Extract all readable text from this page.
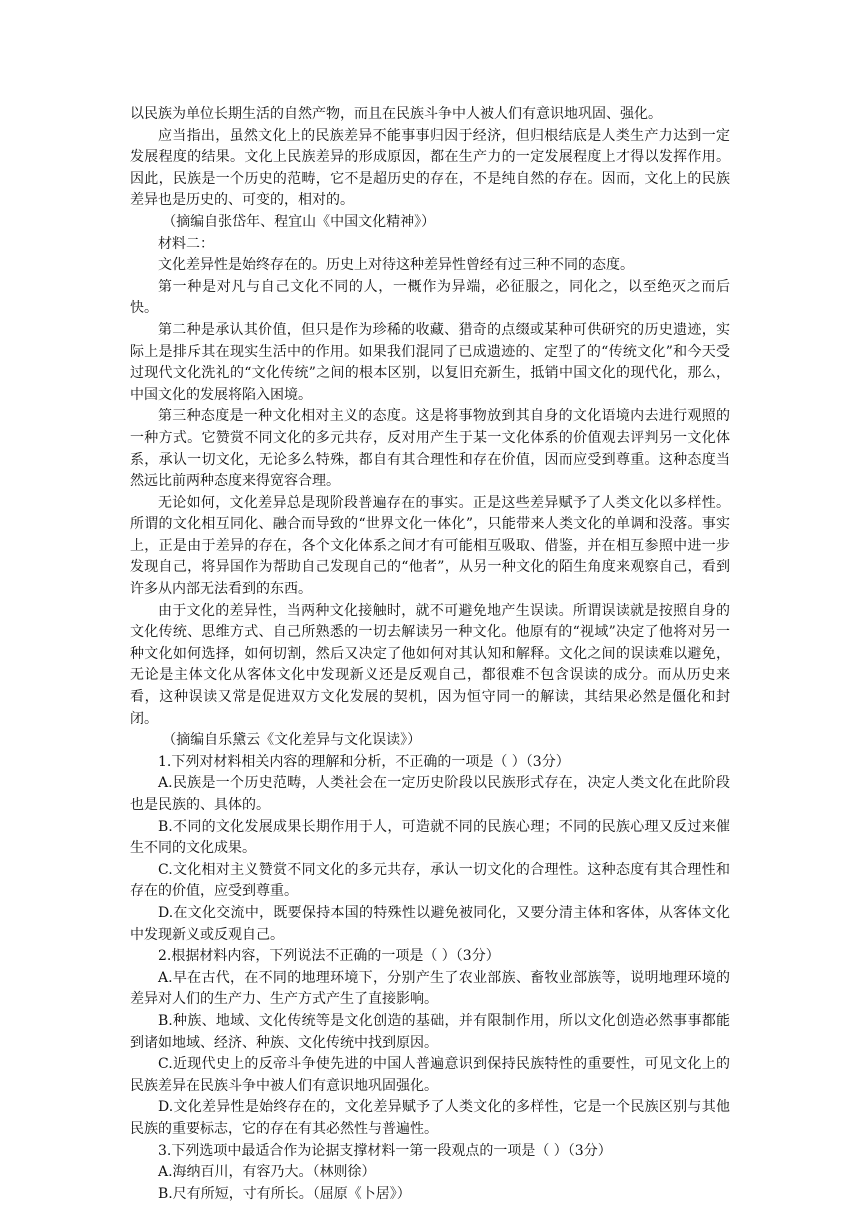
以民族为单位长期生活的自然产物，而且在民族斗争中人被人们有意识地巩固、强化。

应当指出，虽然文化上的民族差异不能事事归因于经济，但归根结底是人类生产力达到一定发展程度的结果。文化上民族差异的形成原因，都在生产力的一定发展程度上才得以发挥作用。因此，民族是一个历史的范畴，它不是超历史的存在，不是纯自然的存在。因而，文化上的民族差异也是历史的、可变的，相对的。

（摘编自张岱年、程宜山《中国文化精神》）

材料二：

文化差异性是始终存在的。历史上对待这种差异性曾经有过三种不同的态度。

第一种是对凡与自己文化不同的人，一概作为异端，必征服之，同化之，以至绝灭之而后快。

第二种是承认其价值，但只是作为珍稀的收藏、猎奇的点缀或某种可供研究的历史遗迹，实际上是排斥其在现实生活中的作用。如果我们混同了已成遗迹的、定型了的“传统文化”和今天受过现代文化洗礼的“文化传统”之间的根本区别，以复旧充新生，抵销中国文化的现代化，那么，中国文化的发展将陷入困境。

第三种态度是一种文化相对主义的态度。这是将事物放到其自身的文化语境内去进行观照的一种方式。它赞赏不同文化的多元共存，反对用产生于某一文化体系的价值观去评判另一文化体系，承认一切文化，无论多么特殊，都自有其合理性和存在价值，因而应受到尊重。这种态度当然远比前两种态度来得宽容合理。

无论如何，文化差异总是现阶段普遍存在的事实。正是这些差异赋予了人类文化以多样性。所谓的文化相互同化、融合而导致的“世界文化一体化”，只能带来人类文化的单调和没落。事实上，正是由于差异的存在，各个文化体系之间才有可能相互吸取、借鉴，并在相互参照中进一步发现自己，将异国作为帮助自己发现自己的“他者”，从另一种文化的陌生角度来观察自己，看到许多从内部无法看到的东西。

由于文化的差异性，当两种文化接触时，就不可避免地产生误读。所谓误读就是按照自身的文化传统、思维方式、自己所熟悉的一切去解读另一种文化。他原有的“视域”决定了他将对另一种文化如何选择，如何切割，然后又决定了他如何对其认知和解释。文化之间的误读难以避免，无论是主体文化从客体文化中发现新义还是反观自己，都很难不包含误读的成分。而从历史来看，这种误读又常是促进双方文化发展的契机，因为恒守同一的解读，其结果必然是僵化和封闭。

（摘编自乐黛云《文化差异与文化误读》）

1.下列对材料相关内容的理解和分析，不正确的一项是（ ）（3分）

A.民族是一个历史范畴，人类社会在一定历史阶段以民族形式存在，决定人类文化在此阶段也是民族的、具体的。

B.不同的文化发展成果长期作用于人，可造就不同的民族心理；不同的民族心理又反过来催生不同的文化成果。

C.文化相对主义赞赏不同文化的多元共存，承认一切文化的合理性。这种态度有其合理性和存在的价值，应受到尊重。

D.在文化交流中，既要保持本国的特殊性以避免被同化，又要分清主体和客体，从客体文化中发现新义或反观自己。

2.根据材料内容，下列说法不正确的一项是（ ）（3分）

A.早在古代，在不同的地理环境下，分别产生了农业部族、畜牧业部族等，说明地理环境的差异对人们的生产力、生产方式产生了直接影响。

B.种族、地域、文化传统等是文化创造的基础，并有限制作用，所以文化创造必然事事都能到诸如地域、经济、种族、文化传统中找到原因。

C.近现代史上的反帝斗争使先进的中国人普遍意识到保持民族特性的重要性，可见文化上的民族差异在民族斗争中被人们有意识地巩固强化。

D.文化差异性是始终存在的，文化差异赋予了人类文化的多样性，它是一个民族区别与其他民族的重要标志，它的存在有其必然性与普遍性。

3.下列选项中最适合作为论据支撑材料一第一段观点的一项是（ ）（3分）

A.海纳百川，有容乃大。（林则徐）

B.尺有所短，寸有所长。（屈原《卜居》）
